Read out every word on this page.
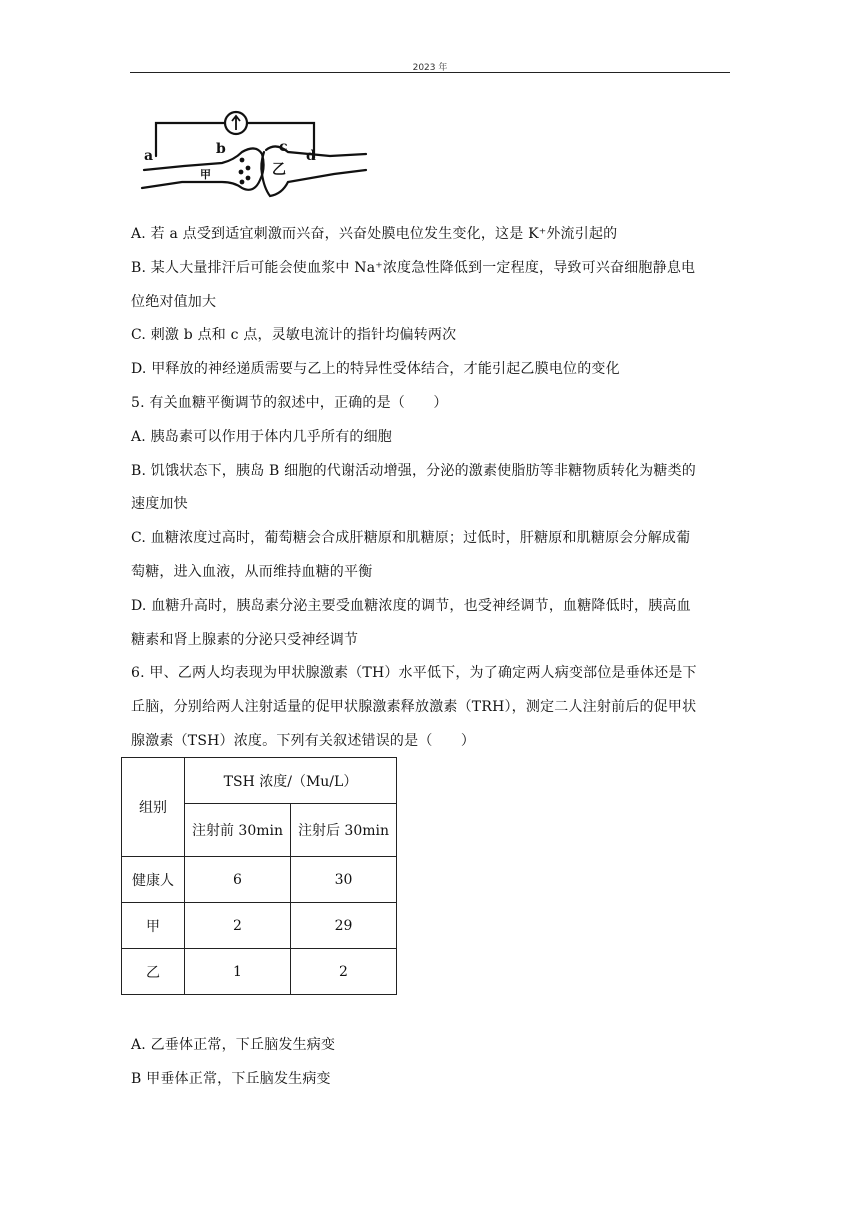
2023 年
a	b	c
d
甲	乙
A. 若 a 点受到适宜刺激而兴奋，兴奋处膜电位发生变化，这是 K⁺外流引起的
B. 某人大量排汗后可能会使血浆中 Na⁺浓度急性降低到一定程度，导致可兴奋细胞静息电
位绝对值加大
C. 刺激 b 点和 c 点，灵敏电流计的指针均偏转两次
D. 甲释放的神经递质需要与乙上的特异性受体结合，才能引起乙膜电位的变化
5. 有关血糖平衡调节的叙述中，正确的是（　　）
A. 胰岛素可以作用于体内几乎所有的细胞
B. 饥饿状态下，胰岛 B 细胞的代谢活动增强，分泌的激素使脂肪等非糖物质转化为糖类的
速度加快
C. 血糖浓度过高时，葡萄糖会合成肝糖原和肌糖原；过低时，肝糖原和肌糖原会分解成葡
萄糖，进入血液，从而维持血糖的平衡
D. 血糖升高时，胰岛素分泌主要受血糖浓度的调节，也受神经调节，血糖降低时，胰高血
糖素和肾上腺素的分泌只受神经调节
6. 甲、乙两人均表现为甲状腺激素（TH）水平低下，为了确定两人病变部位是垂体还是下
丘脑，分别给两人注射适量的促甲状腺激素释放激素（TRH），测定二人注射前后的促甲状
腺激素（TSH）浓度。下列有关叙述错误的是（　　）
组别	TSH 浓度/（Mu/L）	
	注射前 30min	注射后 30min
健康人	6	30
甲	2	29
乙	1	2
A. 乙垂体正常，下丘脑发生病变
B 甲垂体正常，下丘脑发生病变
